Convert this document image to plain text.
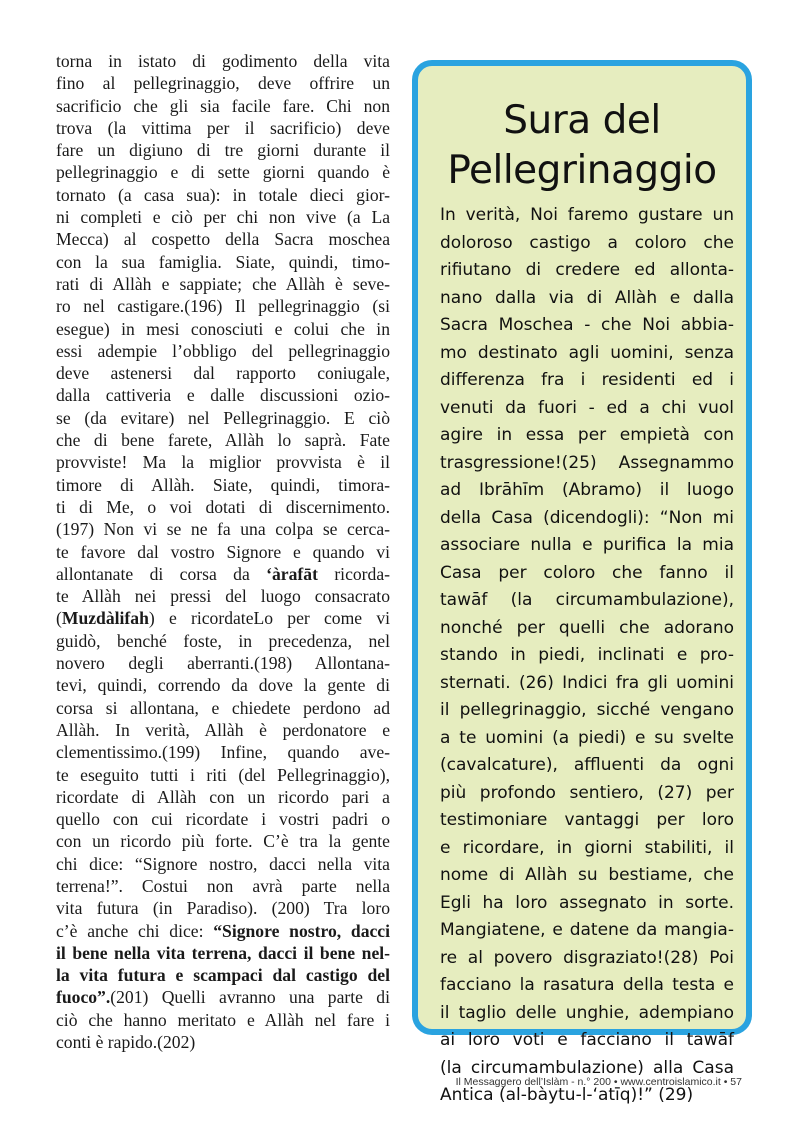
torna in istato di godimento della vita
fino al pellegrinaggio, deve offrire un
sacrificio che gli sia facile fare. Chi non
trova (la vittima per il sacrificio) deve
fare un digiuno di tre giorni durante il
pellegrinaggio e di sette giorni quando è
tornato (a casa sua): in totale dieci gior-
ni completi e ciò per chi non vive (a La
Mecca) al cospetto della Sacra moschea
con la sua famiglia. Siate, quindi, timo-
rati di Allàh e sappiate; che Allàh è seve-
ro nel castigare.(196) Il pellegrinaggio (si
esegue) in mesi conosciuti e colui che in
essi adempie l’obbligo del pellegrinaggio
deve astenersi dal rapporto coniugale,
dalla cattiveria e dalle discussioni ozio-
se (da evitare) nel Pellegrinaggio. E ciò
che di bene farete, Allàh lo saprà. Fate
provviste! Ma la miglior provvista è il
timore di Allàh. Siate, quindi, timora-
ti di Me, o voi dotati di discernimento.
(197) Non vi se ne fa una colpa se cerca-
te favore dal vostro Signore e quando vi
allontanate di corsa da ‘àrafāt ricorda-
te Allàh nei pressi del luogo consacrato
(Muzdàlifah) e ricordateLo per come vi
guidò, benché foste, in precedenza, nel
novero degli aberranti.(198) Allontana-
tevi, quindi, correndo da dove la gente di
corsa si allontana, e chiedete perdono ad
Allàh. In verità, Allàh è perdonatore e
clementissimo.(199) Infine, quando ave-
te eseguito tutti i riti (del Pellegrinaggio),
ricordate di Allàh con un ricordo pari a
quello con cui ricordate i vostri padri o
con un ricordo più forte. C’è tra la gente
chi dice: “Signore nostro, dacci nella vita
terrena!”. Costui non avrà parte nella
vita futura (in Paradiso). (200) Tra loro
c’è anche chi dice: “Signore nostro, dacci
il bene nella vita terrena, dacci il bene nel-
la vita futura e scampaci dal castigo del
fuoco”.(201) Quelli avranno una parte di
ciò che hanno meritato e Allàh nel fare i
conti è rapido.(202)
Sura del
Pellegrinaggio
In verità, Noi faremo gustare un
doloroso castigo a coloro che
rifiutano di credere ed allonta-
nano dalla via di Allàh e dalla
Sacra Moschea - che Noi abbia-
mo destinato agli uomini, senza
differenza fra i residenti ed i
venuti da fuori - ed a chi vuol
agire in essa per empietà con
trasgressione!(25) Assegnammo
ad Ibrāhīm (Abramo) il luogo
della Casa (dicendogli): “Non mi
associare nulla e purifica la mia
Casa per coloro che fanno il
tawāf (la circumambulazione),
nonché per quelli che adorano
stando in piedi, inclinati e pro-
sternati. (26) Indici fra gli uomini
il pellegrinaggio, sicché vengano
a te uomini (a piedi) e su svelte
(cavalcature), affluenti da ogni
più profondo sentiero, (27) per
testimoniare vantaggi per loro
e ricordare, in giorni stabiliti, il
nome di Allàh su bestiame, che
Egli ha loro assegnato in sorte.
Mangiatene, e datene da mangia-
re al povero disgraziato!(28) Poi
facciano la rasatura della testa e
il taglio delle unghie, adempiano
ai loro voti e facciano il tawāf
(la circumambulazione) alla Casa
Antica (al-bàytu-l-‘atīq)!” (29)
Il Messaggero dell’Islàm - n.° 200 • www.centroislamico.it • 57
